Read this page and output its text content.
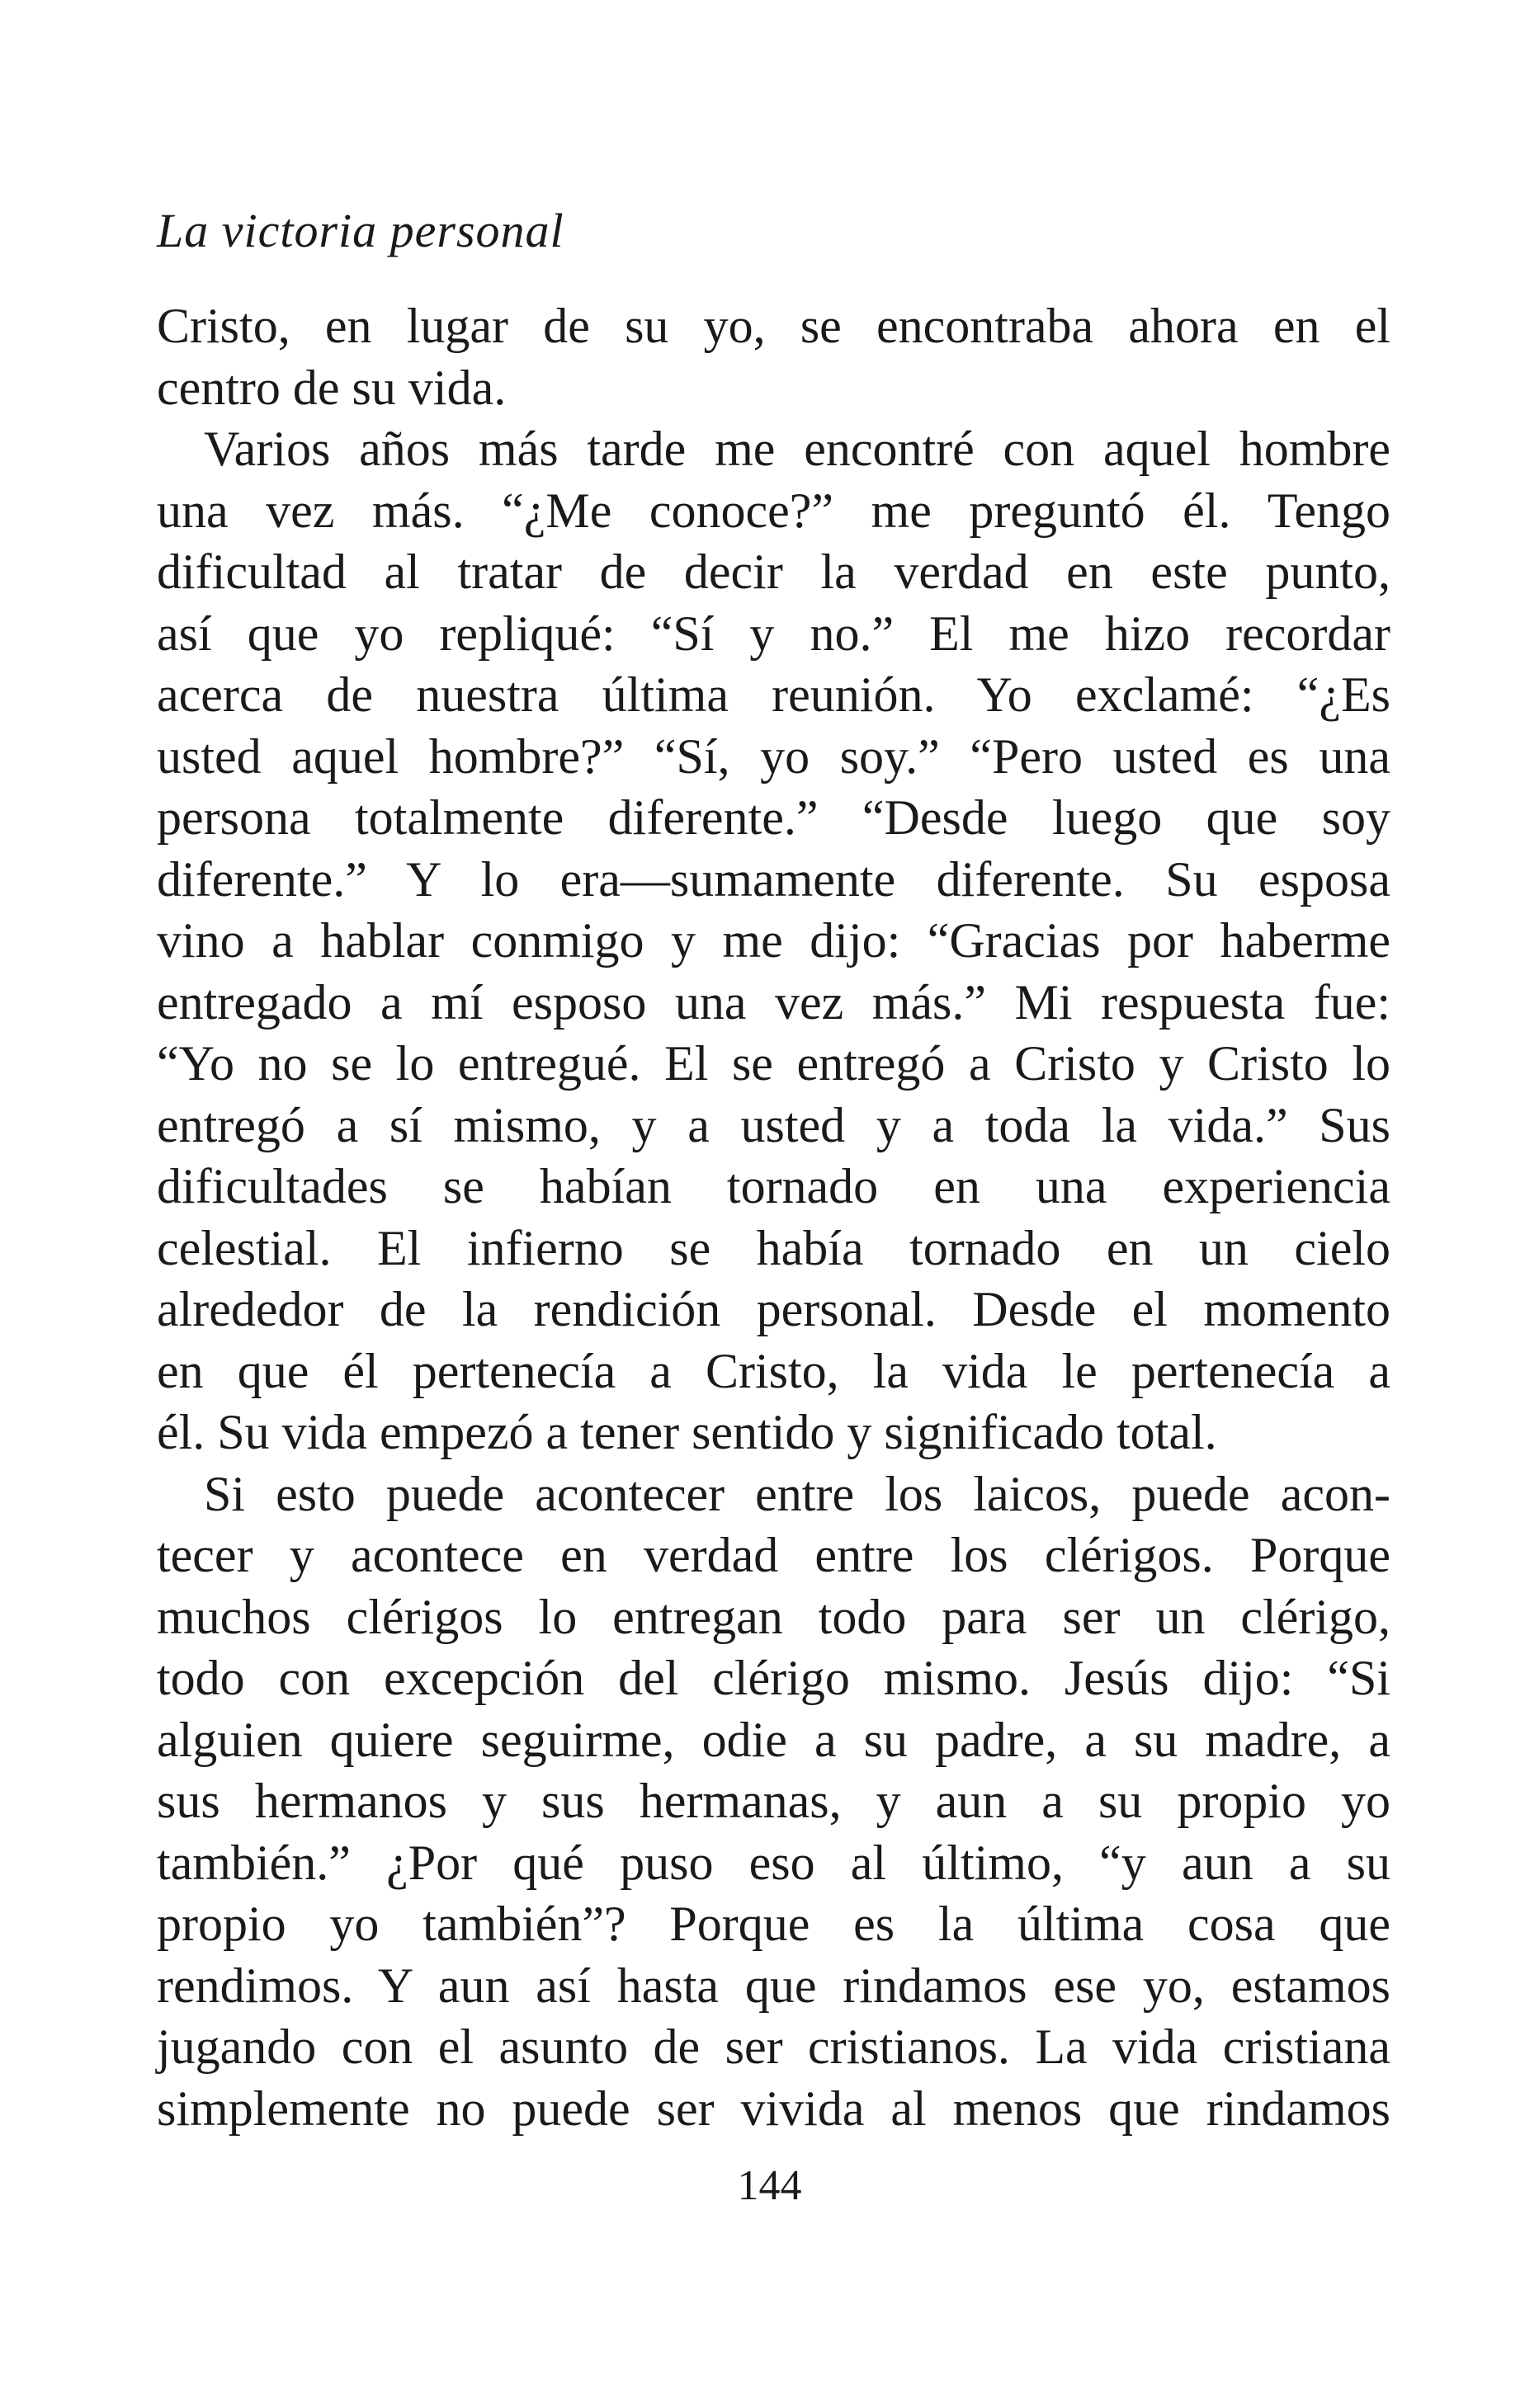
La victoria personal
Cristo, en lugar de su yo, se encontraba ahora en el
centro de su vida.
Varios años más tarde me encontré con aquel hombre
una vez más. “¿Me conoce?” me preguntó él. Tengo
dificultad al tratar de decir la verdad en este punto,
así que yo repliqué: “Sí y no.” El me hizo recordar
acerca de nuestra última reunión. Yo exclamé: “¿Es
usted aquel hombre?” “Sí, yo soy.” “Pero usted es una
persona totalmente diferente.” “Desde luego que soy
diferente.” Y lo era—sumamente diferente. Su esposa
vino a hablar conmigo y me dijo: “Gracias por haberme
entregado a mí esposo una vez más.” Mi respuesta fue:
“Yo no se lo entregué. El se entregó a Cristo y Cristo lo
entregó a sí mismo, y a usted y a toda la vida.” Sus
dificultades se habían tornado en una experiencia
celestial. El infierno se había tornado en un cielo
alrededor de la rendición personal. Desde el momento
en que él pertenecía a Cristo, la vida le pertenecía a
él. Su vida empezó a tener sentido y significado total.
Si esto puede acontecer entre los laicos, puede acon-
tecer y acontece en verdad entre los clérigos. Porque
muchos clérigos lo entregan todo para ser un clérigo,
todo con excepción del clérigo mismo. Jesús dijo: “Si
alguien quiere seguirme, odie a su padre, a su madre, a
sus hermanos y sus hermanas, y aun a su propio yo
también.” ¿Por qué puso eso al último, “y aun a su
propio yo también”? Porque es la última cosa que
rendimos. Y aun así hasta que rindamos ese yo, estamos
jugando con el asunto de ser cristianos. La vida cristiana
simplemente no puede ser vivida al menos que rindamos
144
